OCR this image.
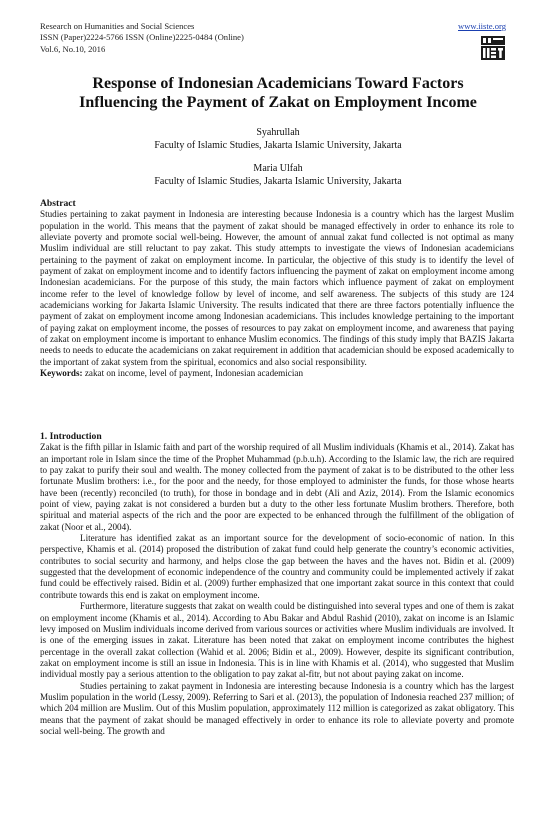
Research on Humanities and Social Sciences
ISSN (Paper)2224-5766 ISSN (Online)2225-0484 (Online)
Vol.6, No.10, 2016
www.iiste.org
Response of Indonesian Academicians Toward Factors
Influencing the Payment of Zakat on Employment Income
Syahrullah
Faculty of Islamic Studies, Jakarta Islamic University, Jakarta
Maria Ulfah
Faculty of Islamic Studies, Jakarta Islamic University, Jakarta
Abstract

Studies pertaining to zakat payment in Indonesia are interesting because Indonesia is a country which has the largest Muslim population in the world. This means that the payment of zakat should be managed effectively in order to enhance its role to alleviate poverty and promote social well-being. However, the amount of annual zakat fund collected is not optimal as many Muslim individual are still reluctant to pay zakat. This study attempts to investigate the views of Indonesian academicians pertaining to the payment of zakat on employment income. In particular, the objective of this study is to identify the level of payment of zakat on employment income and to identify factors influencing the payment of zakat on employment income among Indonesian academicians. For the purpose of this study, the main factors which influence payment of zakat on employment income refer to the level of knowledge follow by level of income, and self awareness. The subjects of this study are 124 academicians working for Jakarta Islamic University. The results indicated that there are three factors potentially influence the payment of zakat on employment income among Indonesian academicians. This includes knowledge pertaining to the important of paying zakat on employment income, the posses of resources to pay zakat on employment income, and awareness that paying of zakat on employment income is important to enhance Muslim economics. The findings of this study imply that BAZIS Jakarta needs to needs to educate the academicians on zakat requirement in addition that academician should be exposed academically to the important of zakat system from the spiritual, economics and also social responsibility.

Keywords: zakat on income, level of payment, Indonesian academician

1. Introduction

Zakat is the fifth pillar in Islamic faith and part of the worship required of all Muslim individuals (Khamis et al., 2014). Zakat has an important role in Islam since the time of the Prophet Muhammad (p.b.u.h). According to the Islamic law, the rich are required to pay zakat to purify their soul and wealth. The money collected from the payment of zakat is to be distributed to the other less fortunate Muslim brothers: i.e., for the poor and the needy, for those employed to administer the funds, for those whose hearts have been (recently) reconciled (to truth), for those in bondage and in debt (Ali and Aziz, 2014). From the Islamic economics point of view, paying zakat is not considered a burden but a duty to the other less fortunate Muslim brothers. Therefore, both spiritual and material aspects of the rich and the poor are expected to be enhanced through the fulfillment of the obligation of zakat (Noor et al., 2004).

Literature has identified zakat as an important source for the development of socio-economic of nation. In this perspective, Khamis et al. (2014) proposed the distribution of zakat fund could help generate the country’s economic activities, contributes to social security and harmony, and helps close the gap between the haves and the haves not. Bidin et al. (2009) suggested that the development of economic independence of the country and community could be implemented actively if zakat fund could be effectively raised. Bidin et al. (2009) further emphasized that one important zakat source in this context that could contribute towards this end is zakat on employment income.

Furthermore, literature suggests that zakat on wealth could be distinguished into several types and one of them is zakat on employment income (Khamis et al., 2014). According to Abu Bakar and Abdul Rashid (2010), zakat on income is an Islamic levy imposed on Muslim individuals income derived from various sources or activities where Muslim individuals are involved. It is one of the emerging issues in zakat. Literature has been noted that zakat on employment income contributes the highest percentage in the overall zakat collection (Wahid et al. 2006; Bidin et al., 2009). However, despite its significant contribution, zakat on employment income is still an issue in Indonesia. This is in line with Khamis et al. (2014), who suggested that Muslim individual mostly pay a serious attention to the obligation to pay zakat al-fitr, but not about paying zakat on income.

Studies pertaining to zakat payment in Indonesia are interesting because Indonesia is a country which has the largest Muslim population in the world (Lessy, 2009). Referring to Sari et al. (2013), the population of Indonesia reached 237 million; of which 204 million are Muslim. Out of this Muslim population, approximately 112 million is categorized as zakat obligatory. This means that the payment of zakat should be managed effectively in order to enhance its role to alleviate poverty and promote social well-being. The growth and
